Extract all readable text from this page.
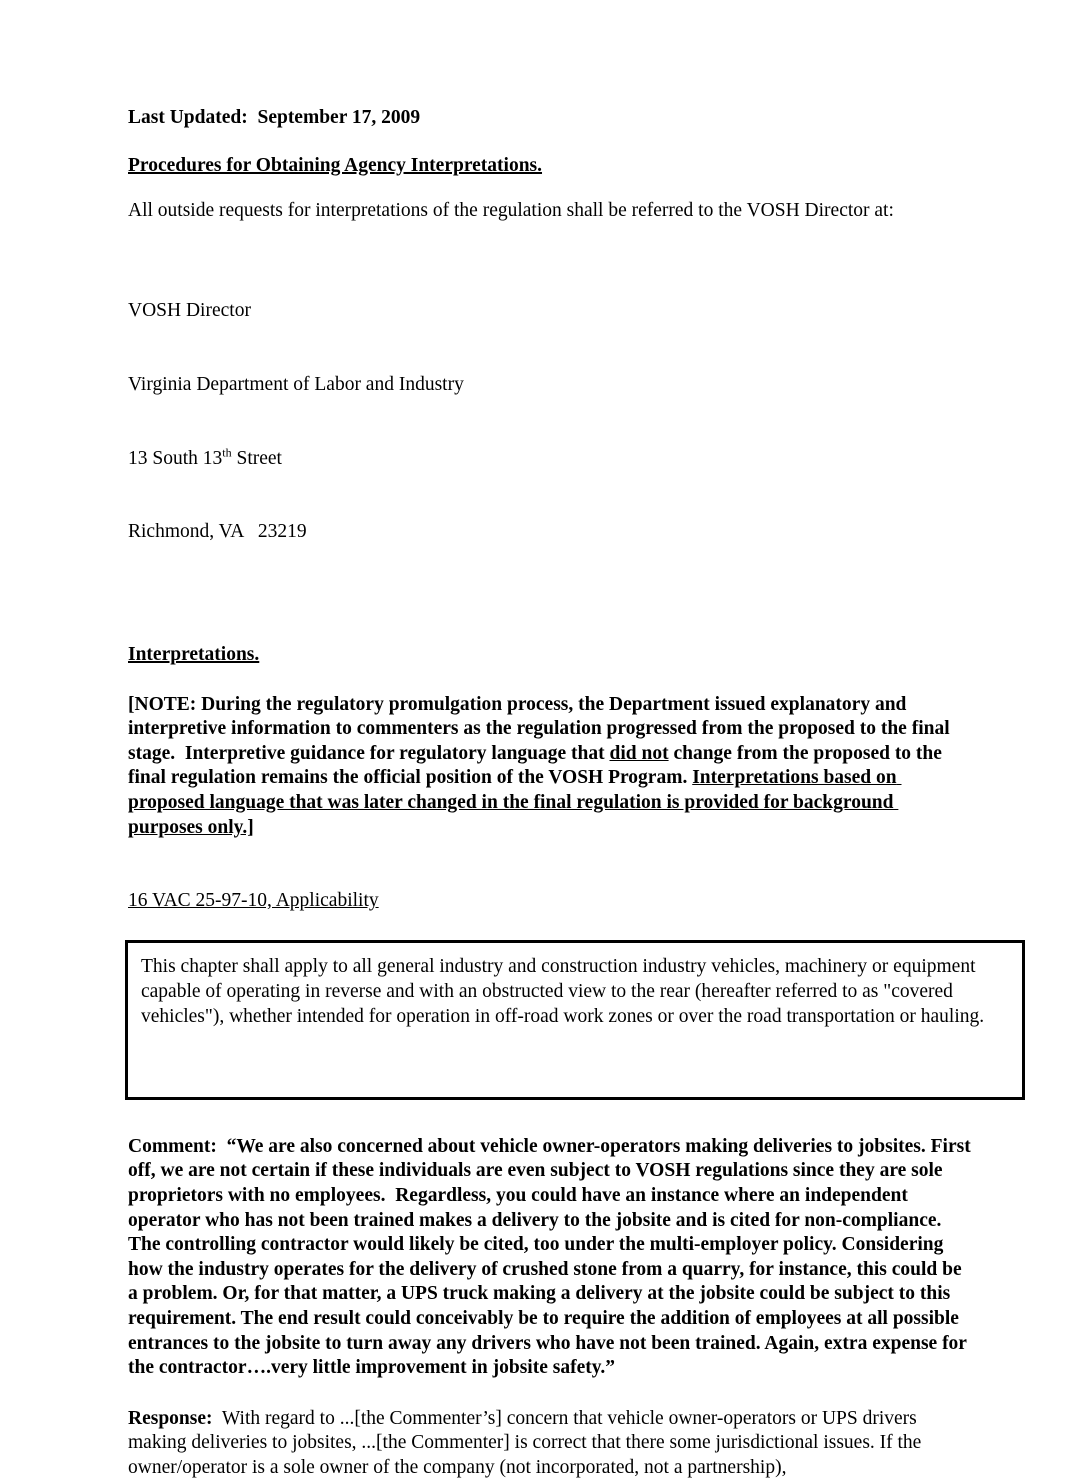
Last Updated:  September 17, 2009

Procedures for Obtaining Agency Interpretations.

All outside requests for interpretations of the regulation shall be referred to the VOSH Director at:

VOSH Director

Virginia Department of Labor and Industry

13 South 13th Street

Richmond, VA   23219

Interpretations.

[NOTE: During the regulatory promulgation process, the Department issued explanatory and interpretive information to commenters as the regulation progressed from the proposed to the final stage.  Interpretive guidance for regulatory language that did not change from the proposed to the final regulation remains the official position of the VOSH Program. Interpretations based on proposed language that was later changed in the final regulation is provided for background purposes only.]

16 VAC 25-97-10, Applicability

This chapter shall apply to all general industry and construction industry vehicles, machinery or equipment capable of operating in reverse and with an obstructed view to the rear (hereafter referred to as "covered vehicles"), whether intended for operation in off-road work zones or over the road transportation or hauling.

Comment:  “We are also concerned about vehicle owner-operators making deliveries to jobsites. First off, we are not certain if these individuals are even subject to VOSH regulations since they are sole proprietors with no employees.  Regardless, you could have an instance where an independent operator who has not been trained makes a delivery to the jobsite and is cited for non-compliance. The controlling contractor would likely be cited, too under the multi-employer policy. Considering  how the industry operates for the delivery of crushed stone from a quarry, for instance, this could be a problem. Or, for that matter, a UPS truck making a delivery at the jobsite could be subject to this requirement. The end result could conceivably be to require the addition of employees at all possible entrances to the jobsite to turn away any drivers who have not been trained. Again, extra expense for the contractor….very little improvement in jobsite safety.”

Response:  With regard to ...[the Commenter’s] concern that vehicle owner-operators or UPS drivers making deliveries to jobsites, ...[the Commenter] is correct that there some jurisdictional issues. If the owner/operator is a sole owner of the company (not incorporated, not a partnership),
